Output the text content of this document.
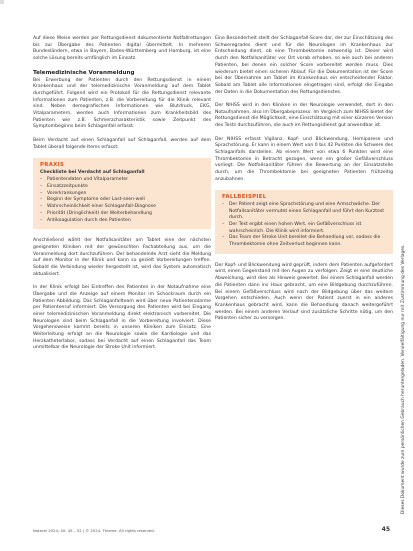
Auf diese Weise werden per Rettungsdienst dokumentierte Notfallrettungen bis zur Übergabe des Patienten digital übermittelt. In mehreren Bundesländern, etwa in Bayern, Baden-Württemberg und Hamburg, ist eine solche Lösung bereits umfänglich im Einsatz.

Telemedizinische Voranmeldung

Bei Erwerbung der Patienten durch den Rettungsdienst in einem Krankenhaus und der telemedizinische Voranmeldung auf dem Tablet durchgeführt. Folgend wird ein Protokoll für die Rettungsdienst relevante Informationen zum Patienten, z.B. die Vorbereitung für die Klinik relevant sind. Neben demografischen Informationen wie Blutdruck, EKG, Vitalparametern, werden auch Informationen zum Krankheitsbild des Patienten wie z.B. Schmerzcharakteristik sowie Zeitpunkt des Symptombeginns beim Schlaganfall erfasst.

Beim Verdacht auf einen Schlaganfall auf Schlaganfall, werden auf dem Tablet überall folgende Items erfasst:

PRAXIS
Checkliste bei Verdacht auf Schlaganfall
– Patientendaten und Vitalparameter
– Einsatzzeitpunkte
– Vorerkrankungen
– Beginn der Symptome oder Last-seen-well
– Wahrscheinlichkeit einer Schlaganfall-Diagnose
– Priorität (Dringlichkeit) der Weiterbehandlung
– Antikoagulation durch den Patienten

Anschließend wählt der Notfallsanitäter am Tablet eine der nächsten geeigneten Kliniken mit der gewünschten Fachabteilung aus, um die Voranmeldung dort durchzuführen. Der behandelnde Arzt sieht die Meldung auf dem Monitor in der Klinik und kann so gezielt Vorbereitungen treffen. Sobald die Verbindung wieder hergestellt ist, wird das System automatisch aktualisiert.

In der Klinik erfolgt bei Eintreffen des Patienten in der Notaufnahme eine Übergabe und die Anzeige auf einem Monitor im Schockraum durch ein Patienten Abbildung. Das Schlaganfallteam wird über neue Patientenalarme per Patientenruf informiert. Die Versorgung des Patienten wird bei Eingang einer telemedizinischen Voranmeldung direkt elektronisch vorbereitet. Die Neurologen sind beim Schlaganfall in die Vorbereitung involviert. Diese Vorgehensweise kommt bereits in unseren Kliniken zum Einsatz. Eine Weiterleitung erfolgt an die Neurologie sowie die Kardiologie und das Herzkatheterlabor, sodass bei Verdacht auf einen Schlaganfall das Team unmittelbar die Neurologie der Stroke Unit informiert.

Eine Besonderheit stellt der Schlaganfall-Score dar, der zur Einschätzung des Schweregrades dient und für die Neurologen im Krankenhaus zur Entscheidung dient, ob eine Thrombektomie notwendig ist. Dieser wird durch den Notfallsanitäter vor Ort vorab erhoben, so wie auch bei anderen Patienten, bei denen ein solcher Score vorbereitet werden muss. Dies wiederum bietet einen sicheren Ablauf. Für die Dokumentation ist der Score bei der Übernahme am Tablet im Krankenhaus ein entscheidender Faktor. Sobald am Tablet alle Informationen eingetragen sind, erfolgt die Eingabe der Daten in die Dokumentation des Rettungsdienstes.

Der NIHSS wird in den Kliniken in der Neurologie verwendet, dort in den Notaufnahmen, also im Übergabeprozess. Im Vergleich zum NIHSS bietet der Rettungsdienst die Möglichkeit, eine Einschätzung mit einer kürzeren Version des Tests durchzuführen, die auch im Rettungsdienst gut anwendbar ist.

Der NIHSS erfasst Vigilanz, Kopf- und Blickwendung, Hemiparese und Sprachstörung. Er kann in einem Wert von 0 bis 42 Punkten die Schwere des Schlaganfalls darstellen. Ab einem Wert von etwa 6 Punkten wird eine Thrombektomie in Betracht gezogen, wenn ein großer Gefäßverschluss vorliegt. Die Notfallsanitäter führen die Bewertung an der Einsatzstelle durch, um die Thrombektomie bei geeigneten Patienten frühzeitig anzubahnen.

FALLBEISPIEL
– Der Patient zeigt eine Sprachstörung und eine Armschwäche. Der Notfallsanitäter vermutet einen Schlaganfall und führt den Kurztest durch.
– Der Test ergibt einen hohen Wert, ein Gefäßverschluss ist wahrscheinlich. Die Klinik wird informiert.
– Das Team der Stroke Unit bereitet die Behandlung vor, sodass die Thrombektomie ohne Zeitverlust beginnen kann.

Der Kopf- und Blickwendung wird geprüft, indem dem Patienten aufgefordert wird, einen Gegenstand mit den Augen zu verfolgen. Zeigt er eine deutliche Abweichung, wird dies als Hinweis gewertet. Bei einem Schlaganfall werden die Patienten dann ins Haus gebracht, um eine Bildgebung durchzuführen. Bei einem Gefäßverschluss wird nach der Bildgebung über das weitere Vorgehen entschieden. Auch wenn der Patient zuerst in ein anderes Krankenhaus gebracht wird, kann die Behandlung danach weitergeführt werden. Bei einem anderen Verlauf sind zusätzliche Schritte nötig, um den Patienten sicher zu versorgen.	Dieses Dokument wurde zum persönlichen Gebrauch heruntergeladen. Vervielfältigung nur mit Zustimmung des Verlages.
Notarzt 2024; 40: 45 – 52 | © 2024. Thieme. All rights reserved.	45
